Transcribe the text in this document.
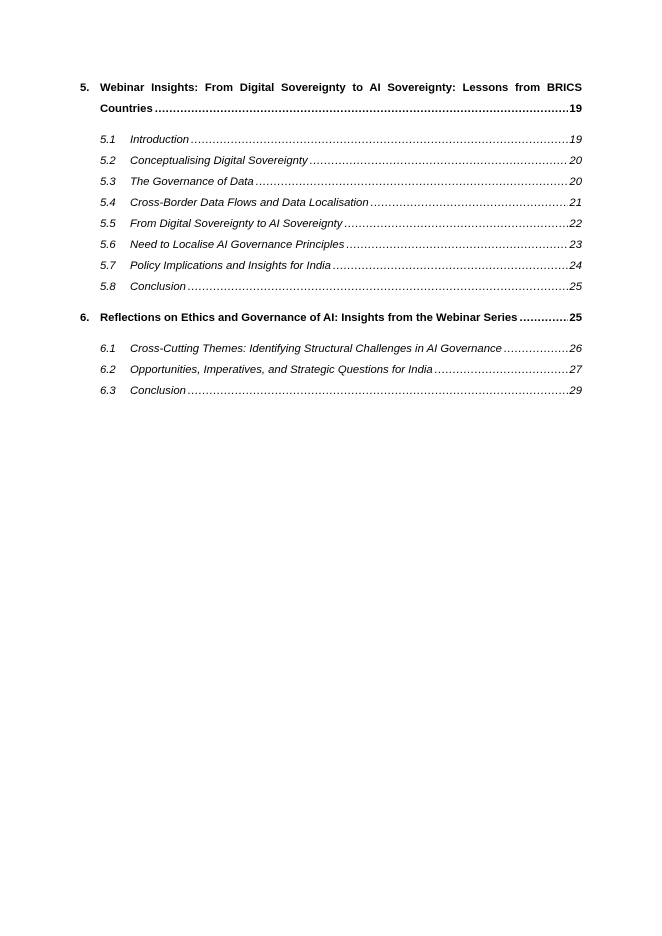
5. Webinar Insights: From Digital Sovereignty to AI Sovereignty: Lessons from BRICS
Countries .....	19
5.1	Introduction .....	19
5.2	Conceptualising Digital Sovereignty .....	20
5.3	The Governance of Data .....	20
5.4	Cross-Border Data Flows and Data Localisation .....	21
5.5	From Digital Sovereignty to AI Sovereignty .....	22
5.6	Need to Localise AI Governance Principles .....	23
5.7	Policy Implications and Insights for India .....	24
5.8	Conclusion .....	25
6. Reflections on Ethics and Governance of AI: Insights from the Webinar Series .....	25
6.1	Cross-Cutting Themes: Identifying Structural Challenges in AI Governance .....	26
6.2	Opportunities, Imperatives, and Strategic Questions for India .....	27
6.3	Conclusion .....	29
